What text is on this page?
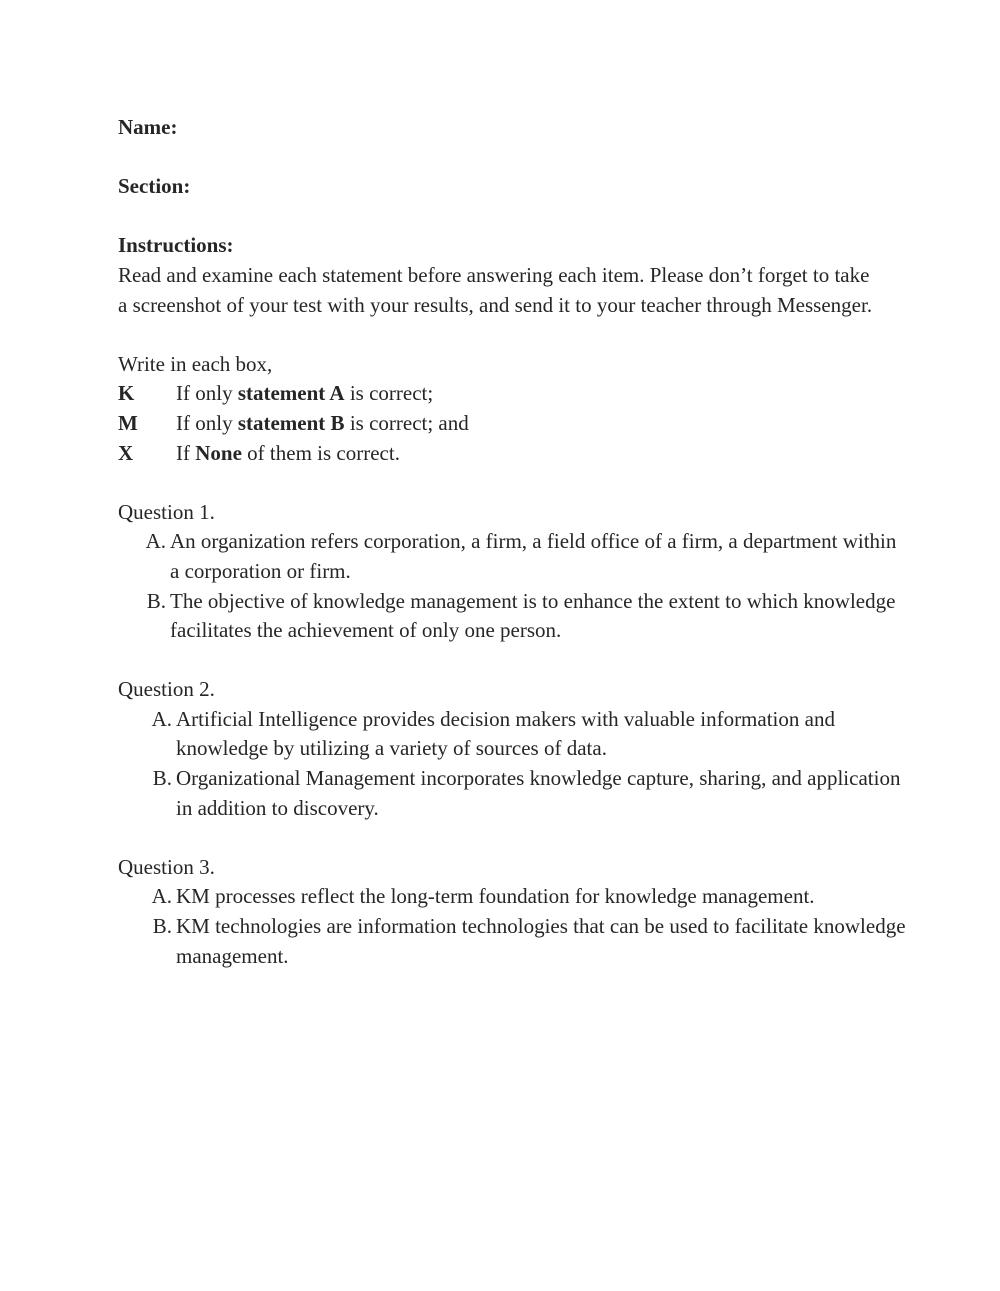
Name:

Section:

Instructions:

Read and examine each statement before answering each item. Please don’t forget to take a screenshot of your test with your results, and send it to your teacher through Messenger.

Write in each box,

K	If only statement A is correct;
M	If only statement B is correct; and
X	If None of them is correct.

Question 1.

A. An organization refers corporation, a firm, a field office of a firm, a department within a corporation or firm.
B. The objective of knowledge management is to enhance the extent to which knowledge facilitates the achievement of only one person.

Question 2.

A. Artificial Intelligence provides decision makers with valuable information and knowledge by utilizing a variety of sources of data.
B. Organizational Management incorporates knowledge capture, sharing, and application in addition to discovery.

Question 3.

A. KM processes reflect the long-term foundation for knowledge management.
B. KM technologies are information technologies that can be used to facilitate knowledge management.
